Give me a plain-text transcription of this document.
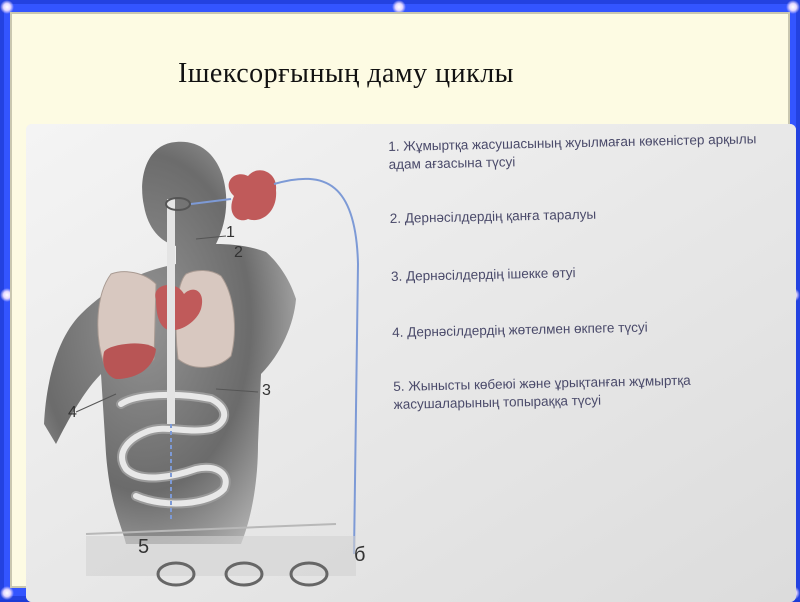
Ішексорғының даму циклы
1
2
3
4
5	б
1. Жұмыртқа жасушасының жуылмаған көкеністер арқылы адам ағзасына түсуі
2. Дернәсілдердің қанға таралуы
3. Дернәсілдердің ішекке өтуі
4. Дернәсілдердің жөтелмен өкпеге түсуі
5. Жынысты көбеюі және ұрықтанған жұмыртқа жасушаларының топыраққа түсуі
